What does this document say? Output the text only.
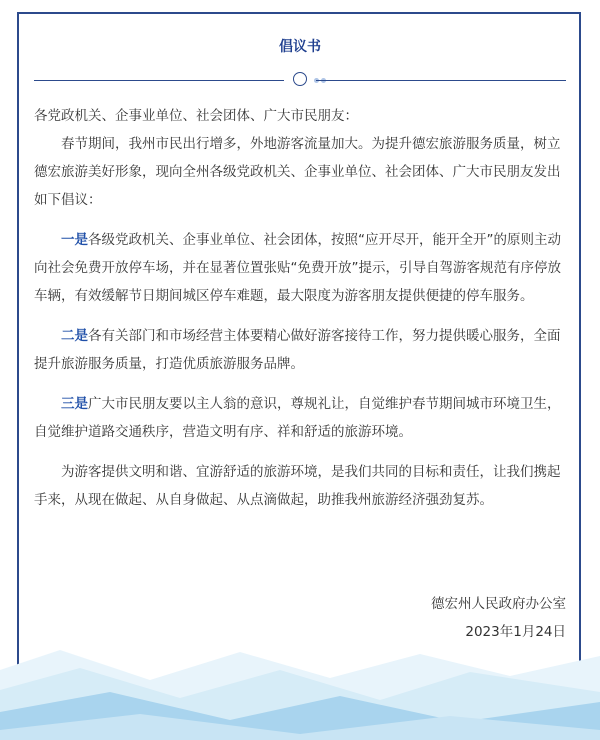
倡议书

各党政机关、企事业单位、社会团体、广大市民朋友：

春节期间，我州市民出行增多，外地游客流量加大。为提升德宏旅游服务质量，树立德宏旅游美好形象，现向全州各级党政机关、企事业单位、社会团体、广大市民朋友发出如下倡议：

一是各级党政机关、企事业单位、社会团体，按照“应开尽开，能开全开”的原则主动向社会免费开放停车场，并在显著位置张贴“免费开放”提示，引导自驾游客规范有序停放车辆，有效缓解节日期间城区停车难题，最大限度为游客朋友提供便捷的停车服务。

二是各有关部门和市场经营主体要精心做好游客接待工作，努力提供暖心服务，全面提升旅游服务质量，打造优质旅游服务品牌。

三是广大市民朋友要以主人翁的意识，尊规礼让，自觉维护春节期间城市环境卫生，自觉维护道路交通秩序，营造文明有序、祥和舒适的旅游环境。

为游客提供文明和谐、宜游舒适的旅游环境，是我们共同的目标和责任，让我们携起手来，从现在做起、从自身做起、从点滴做起，助推我州旅游经济强劲复苏。

德宏州人民政府办公室
2023年1月24日
